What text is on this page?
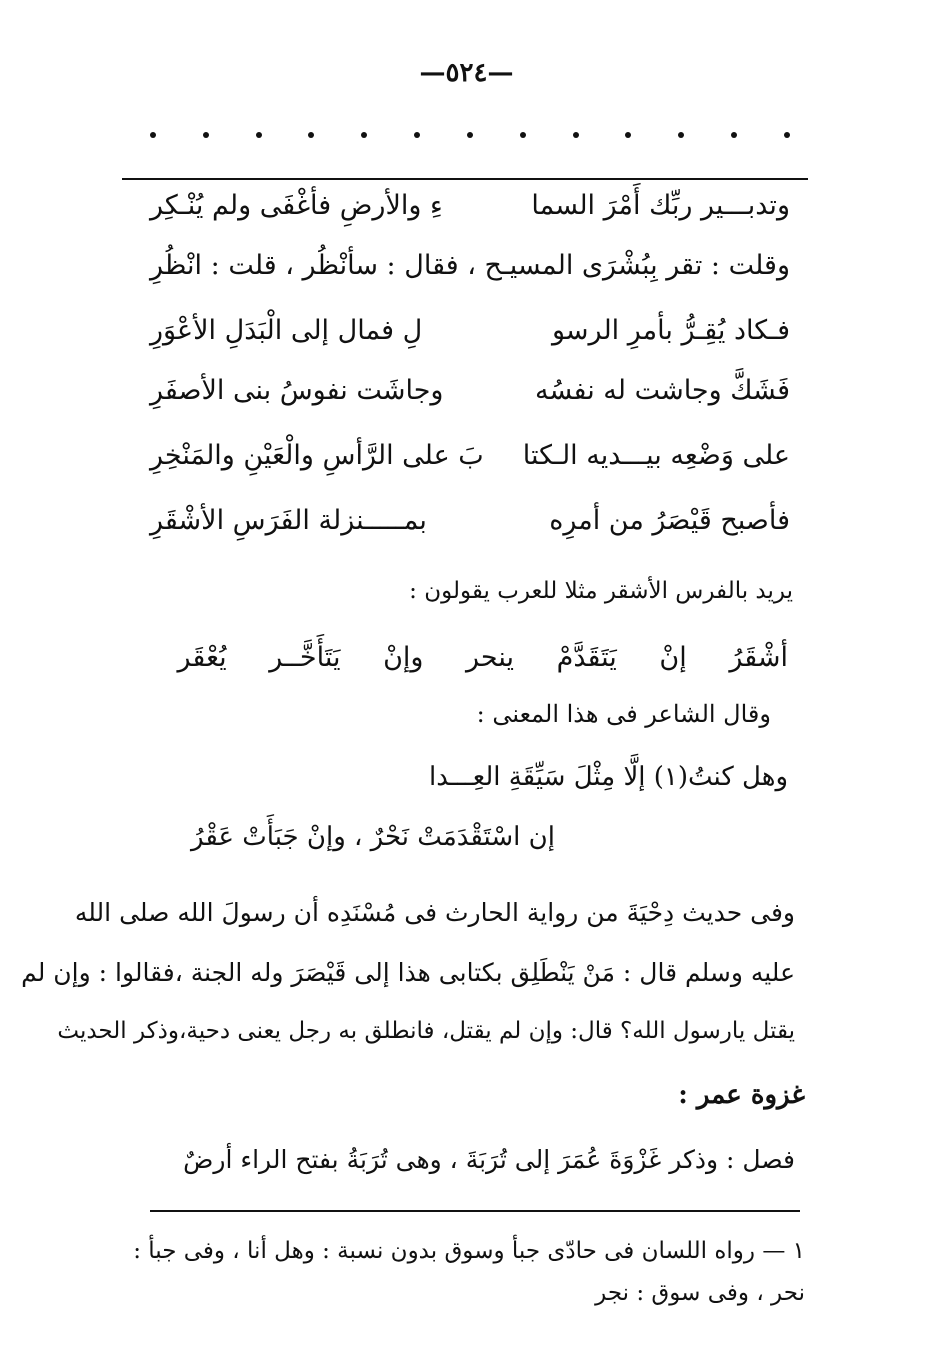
—٥٢٤—
وتدبـــير ربِّك أَمْرَ السما
ءِ والأرضِ فأغْفَى ولم يُنْـكِر
وقلت : تقر بِبُشْرَى المسيـ
ـح ، فقال : سأنْظُر ، قلت : انْظُرِ
فـكاد يُقِـرُّ بأمرِ الرسو
لِ فمال إلى الْبَدَلِ الأعْوَرِ
فَشَكَّ وجاشت له نفسُه
وجاشَت نفوسُ بنى الأصفَرِ
على وَضْعِه بيـــديه الـكتا
بَ على الرَّأسِ والْعَيْنِ والمَنْخِرِ
فأصبح قَيْصَرُ من أمرِه
بمـــــنزلة الفَرَسِ الأشْقَرِ
يريد بالفرس الأشقر مثلا للعرب يقولون :
أشْقَرُ إنْ يَتَقَدَّمْ ينحر وإنْ يَتَأَخَّــر يُعْقَر
وقال الشاعر فى هذا المعنى :
وهل كنتُ(١) إلَّا مِثْلَ سَيِّقَةِ العِـــدا
إن اسْتَقْدَمَتْ نَحْرٌ ، وإنْ جَبَأَتْ عَقْرُ
وفى حديث دِحْيَةَ من رواية الحارث فى مُسْنَدِه أن رسولَ الله صلى الله
عليه وسلم قال : مَنْ يَنْطَلِق بكتابى هذا إلى قَيْصَرَ وله الجنة ،فقالوا : وإن لم
يقتل يارسول الله؟ قال: وإن لم يقتل، فانطلق به رجل يعنى دحية،وذكر الحديث
غزوة عمر :
فصل : وذكر غَزْوَةَ عُمَرَ إلى تُرَبَةَ ، وهى تُرَبَةُ بفتح الراء أرضٌ
١ — رواه اللسان فى حادّى جبأ وسوق بدون نسبة : وهل أنا ، وفى جبأ :
نحر ، وفى سوق : نجر
